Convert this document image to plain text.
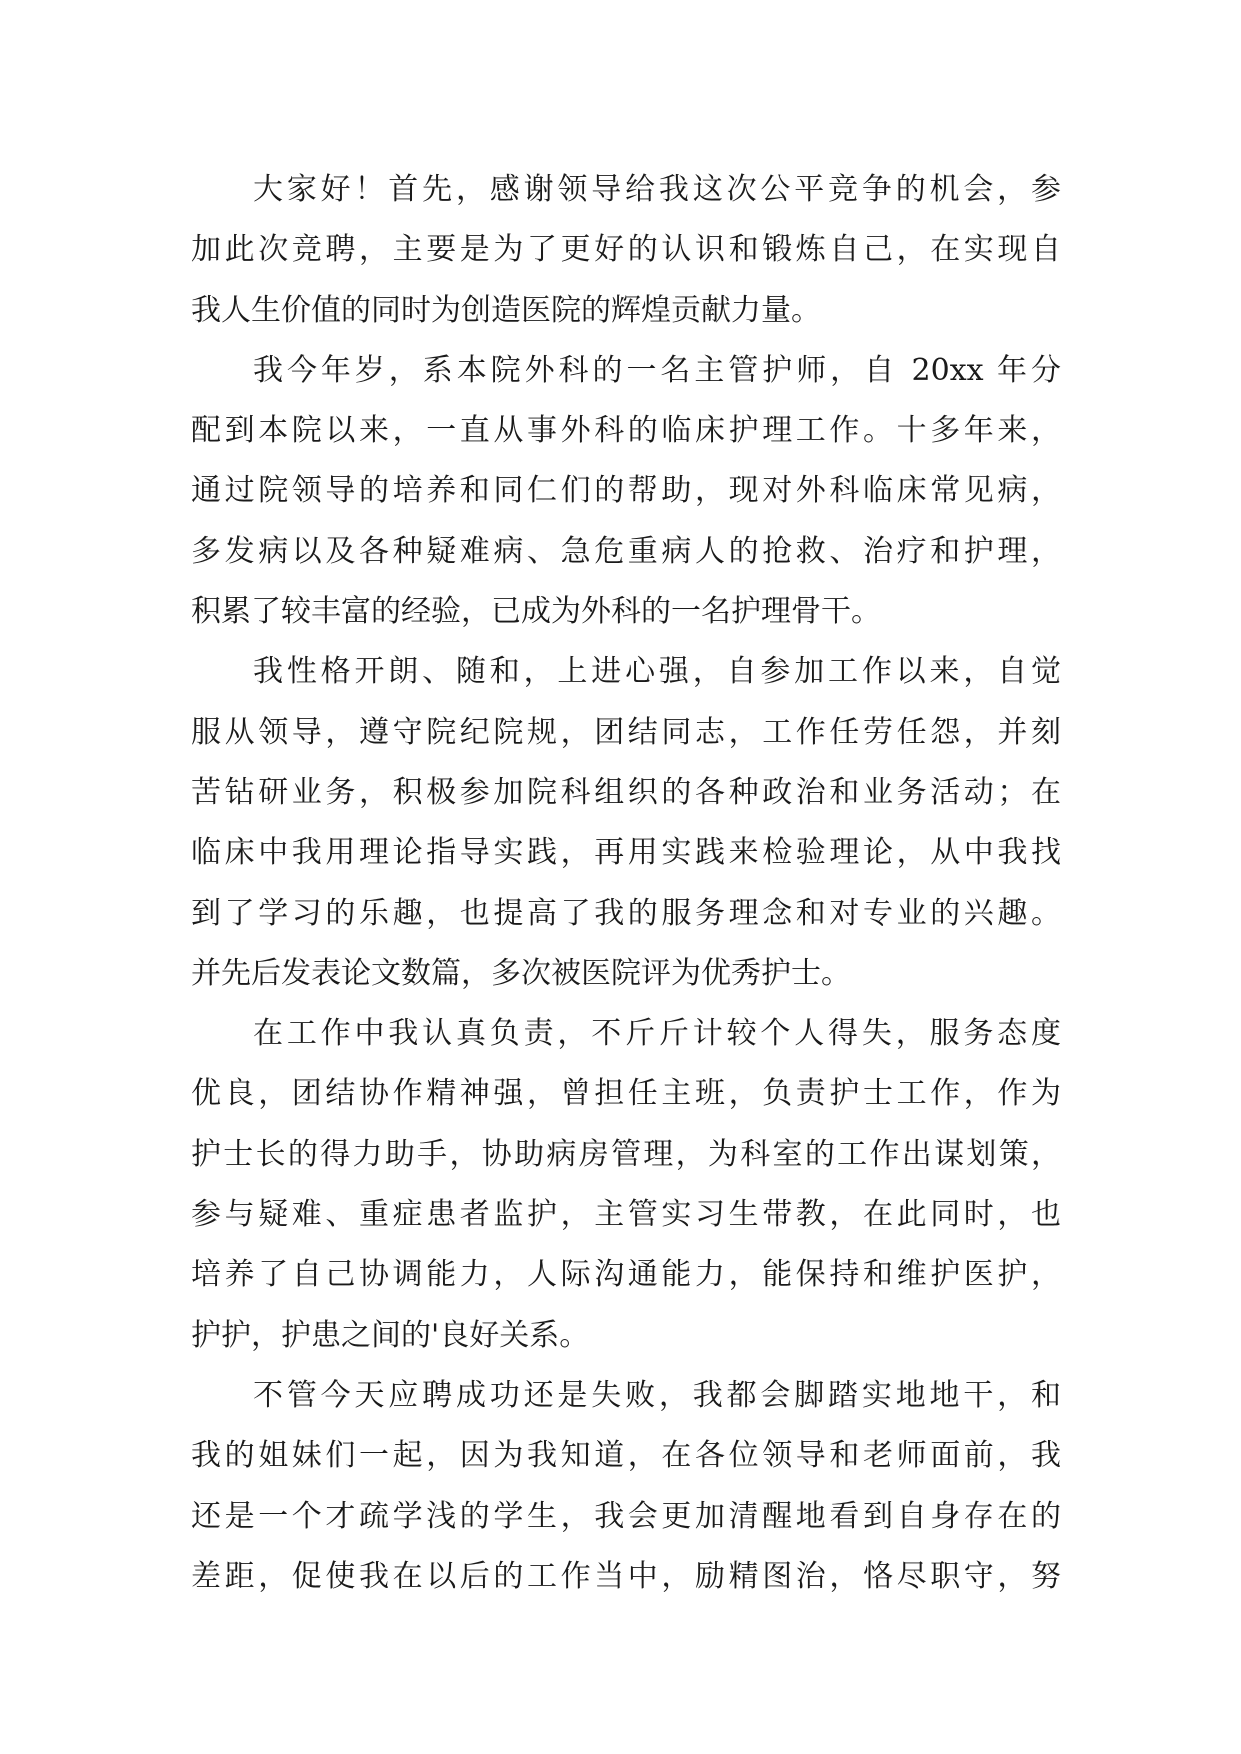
大家好！首先，感谢领导给我这次公平竞争的机会，参
加此次竞聘，主要是为了更好的认识和锻炼自己，在实现自
我人生价值的同时为创造医院的辉煌贡献力量。
我今年岁，系本院外科的一名主管护师，自 20xx 年分
配到本院以来，一直从事外科的临床护理工作。十多年来，
通过院领导的培养和同仁们的帮助，现对外科临床常见病，
多发病以及各种疑难病、急危重病人的抢救、治疗和护理，
积累了较丰富的经验，已成为外科的一名护理骨干。
我性格开朗、随和，上进心强，自参加工作以来，自觉
服从领导，遵守院纪院规，团结同志，工作任劳任怨，并刻
苦钻研业务，积极参加院科组织的各种政治和业务活动；在
临床中我用理论指导实践，再用实践来检验理论，从中我找
到了学习的乐趣，也提高了我的服务理念和对专业的兴趣。
并先后发表论文数篇，多次被医院评为优秀护士。
在工作中我认真负责，不斤斤计较个人得失，服务态度
优良，团结协作精神强，曾担任主班，负责护士工作，作为
护士长的得力助手，协助病房管理，为科室的工作出谋划策，
参与疑难、重症患者监护，主管实习生带教，在此同时，也
培养了自己协调能力，人际沟通能力，能保持和维护医护，
护护，护患之间的'良好关系。
不管今天应聘成功还是失败，我都会脚踏实地地干，和
我的姐妹们一起，因为我知道，在各位领导和老师面前，我
还是一个才疏学浅的学生，我会更加清醒地看到自身存在的
差距，促使我在以后的工作当中，励精图治，恪尽职守，努
